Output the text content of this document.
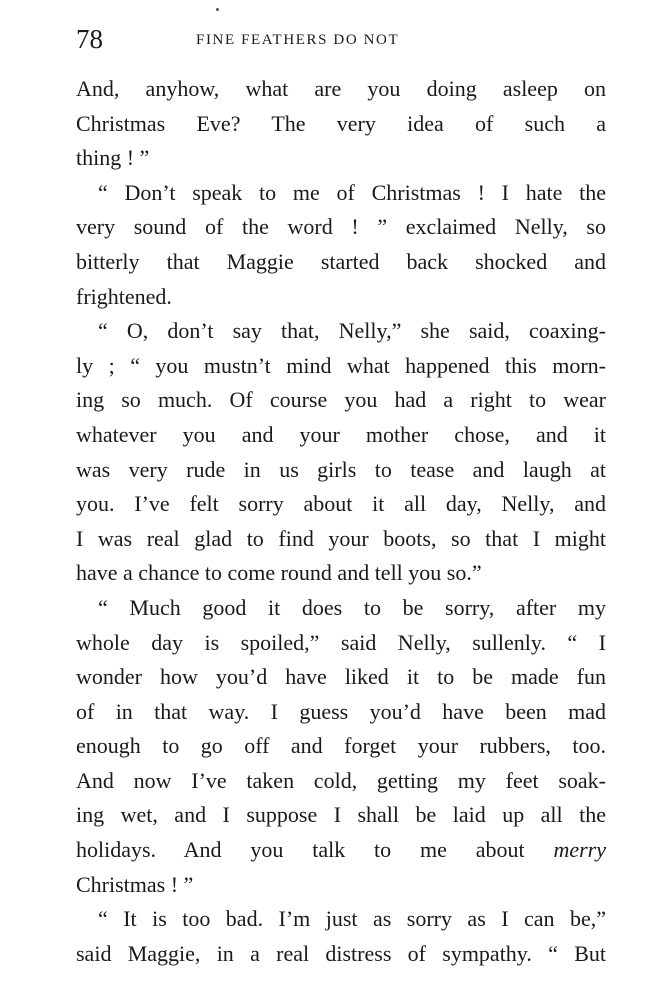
78	FINE FEATHERS DO NOT
And, anyhow, what are you doing asleep on
Christmas Eve? The very idea of such a
thing ! ”
“ Don’t speak to me of Christmas ! I hate the
very sound of the word ! ” exclaimed Nelly, so
bitterly that Maggie started back shocked and
frightened.
“ O, don’t say that, Nelly,” she said, coaxing-
ly ; “ you mustn’t mind what happened this morn-
ing so much. Of course you had a right to wear
whatever you and your mother chose, and it
was very rude in us girls to tease and laugh at
you. I’ve felt sorry about it all day, Nelly, and
I was real glad to find your boots, so that I might
have a chance to come round and tell you so.”
“ Much good it does to be sorry, after my
whole day is spoiled,” said Nelly, sullenly. “ I
wonder how you’d have liked it to be made fun
of in that way. I guess you’d have been mad
enough to go off and forget your rubbers, too.
And now I’ve taken cold, getting my feet soak-
ing wet, and I suppose I shall be laid up all the
holidays. And you talk to me about merry
Christmas ! ”
“ It is too bad. I’m just as sorry as I can be,”
said Maggie, in a real distress of sympathy. “ But
